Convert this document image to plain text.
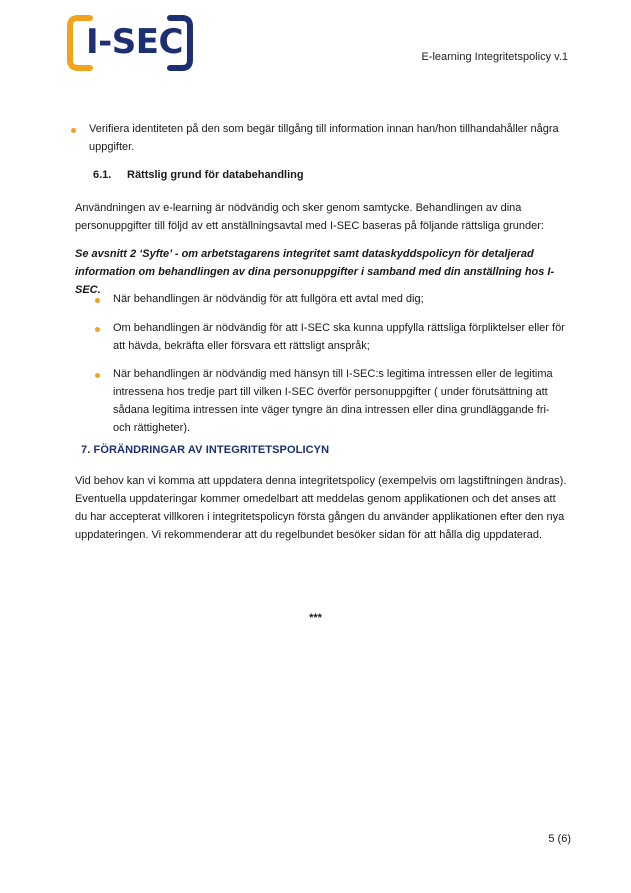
I-SEC	E-learning Integritetspolicy v.1
Verifiera identiteten på den som begär tillgång till information innan han/hon tillhandahåller några uppgifter.
6.1. Rättslig grund för databehandling
Användningen av e-learning är nödvändig och sker genom samtycke. Behandlingen av dina personuppgifter till följd av ett anställningsavtal med I-SEC baseras på följande rättsliga grunder:
Se avsnitt 2 ‘Syfte’ - om arbetstagarens integritet samt dataskyddspolicyn för detaljerad information om behandlingen av dina personuppgifter i samband med din anställning hos I-SEC.
När behandlingen är nödvändig för att fullgöra ett avtal med dig;
Om behandlingen är nödvändig för att I-SEC ska kunna uppfylla rättsliga förpliktelser eller för att hävda, bekräfta eller försvara ett rättsligt anspråk;
När behandlingen är nödvändig med hänsyn till I-SEC:s legitima intressen eller de legitima intressena hos tredje part till vilken I-SEC överför personuppgifter ( under förutsättning att sådana legitima intressen inte väger tyngre än dina intressen eller dina grundläggande fri- och rättigheter).
7. FÖRÄNDRINGAR AV INTEGRITETSPOLICYN
Vid behov kan vi komma att uppdatera denna integritetspolicy (exempelvis om lagstiftningen ändras). Eventuella uppdateringar kommer omedelbart att meddelas genom applikationen och det anses att du har accepterat villkoren i integritetspolicyn första gången du använder applikationen efter den nya uppdateringen. Vi rekommenderar att du regelbundet besöker sidan för att hålla dig uppdaterad.
***
5 (6)
